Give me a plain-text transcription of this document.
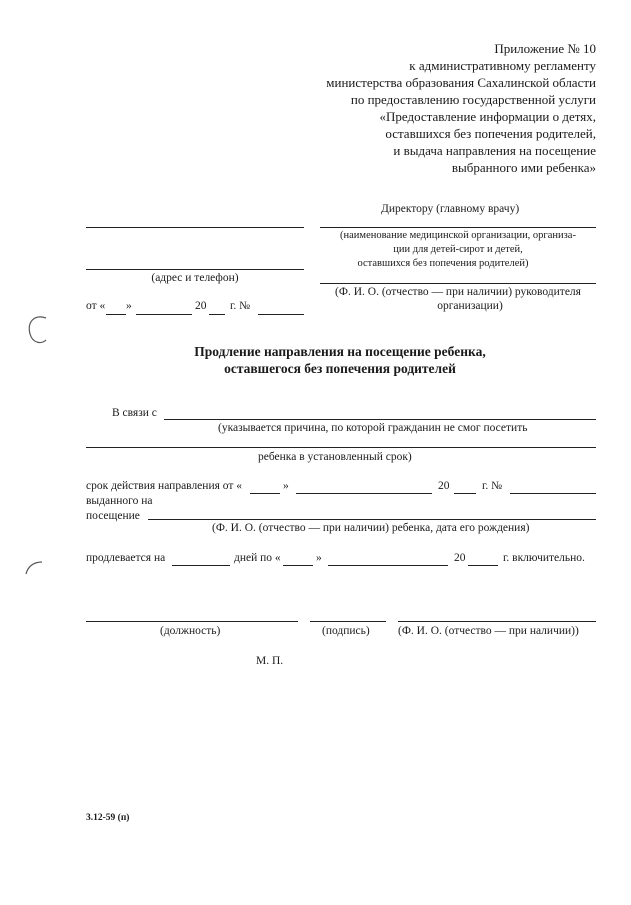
Приложение № 10
к административному регламенту
министерства образования Сахалинской области
по предоставлению государственной услуги
«Предоставление информации о детях,
оставшихся без попечения родителей,
и выдача направления на посещение
выбранного ими ребенка»
Директору (главному врачу)
(наименование медицинской организации, организа-
ции для детей-сирот и детей,
оставшихся без попечения родителей)
(адрес и телефон)
(Ф. И. О. (отчество — при наличии) руководителя
организации)
от « »	20 г. №
Продление направления на посещение ребенка,
оставшегося без попечения родителей
В связи с
(указывается причина, по которой гражданин не смог посетить
ребенка в установленный срок)
срок действия направления от «	»	20	г. №
выданного на
посещение
(Ф. И. О. (отчество — при наличии) ребенка, дата его рождения)
продлевается на	дней по «	»	20	г. включительно.
(должность)	(подпись) (Ф. И. О. (отчество — при наличии))
М. П.
3.12-59 (п)
